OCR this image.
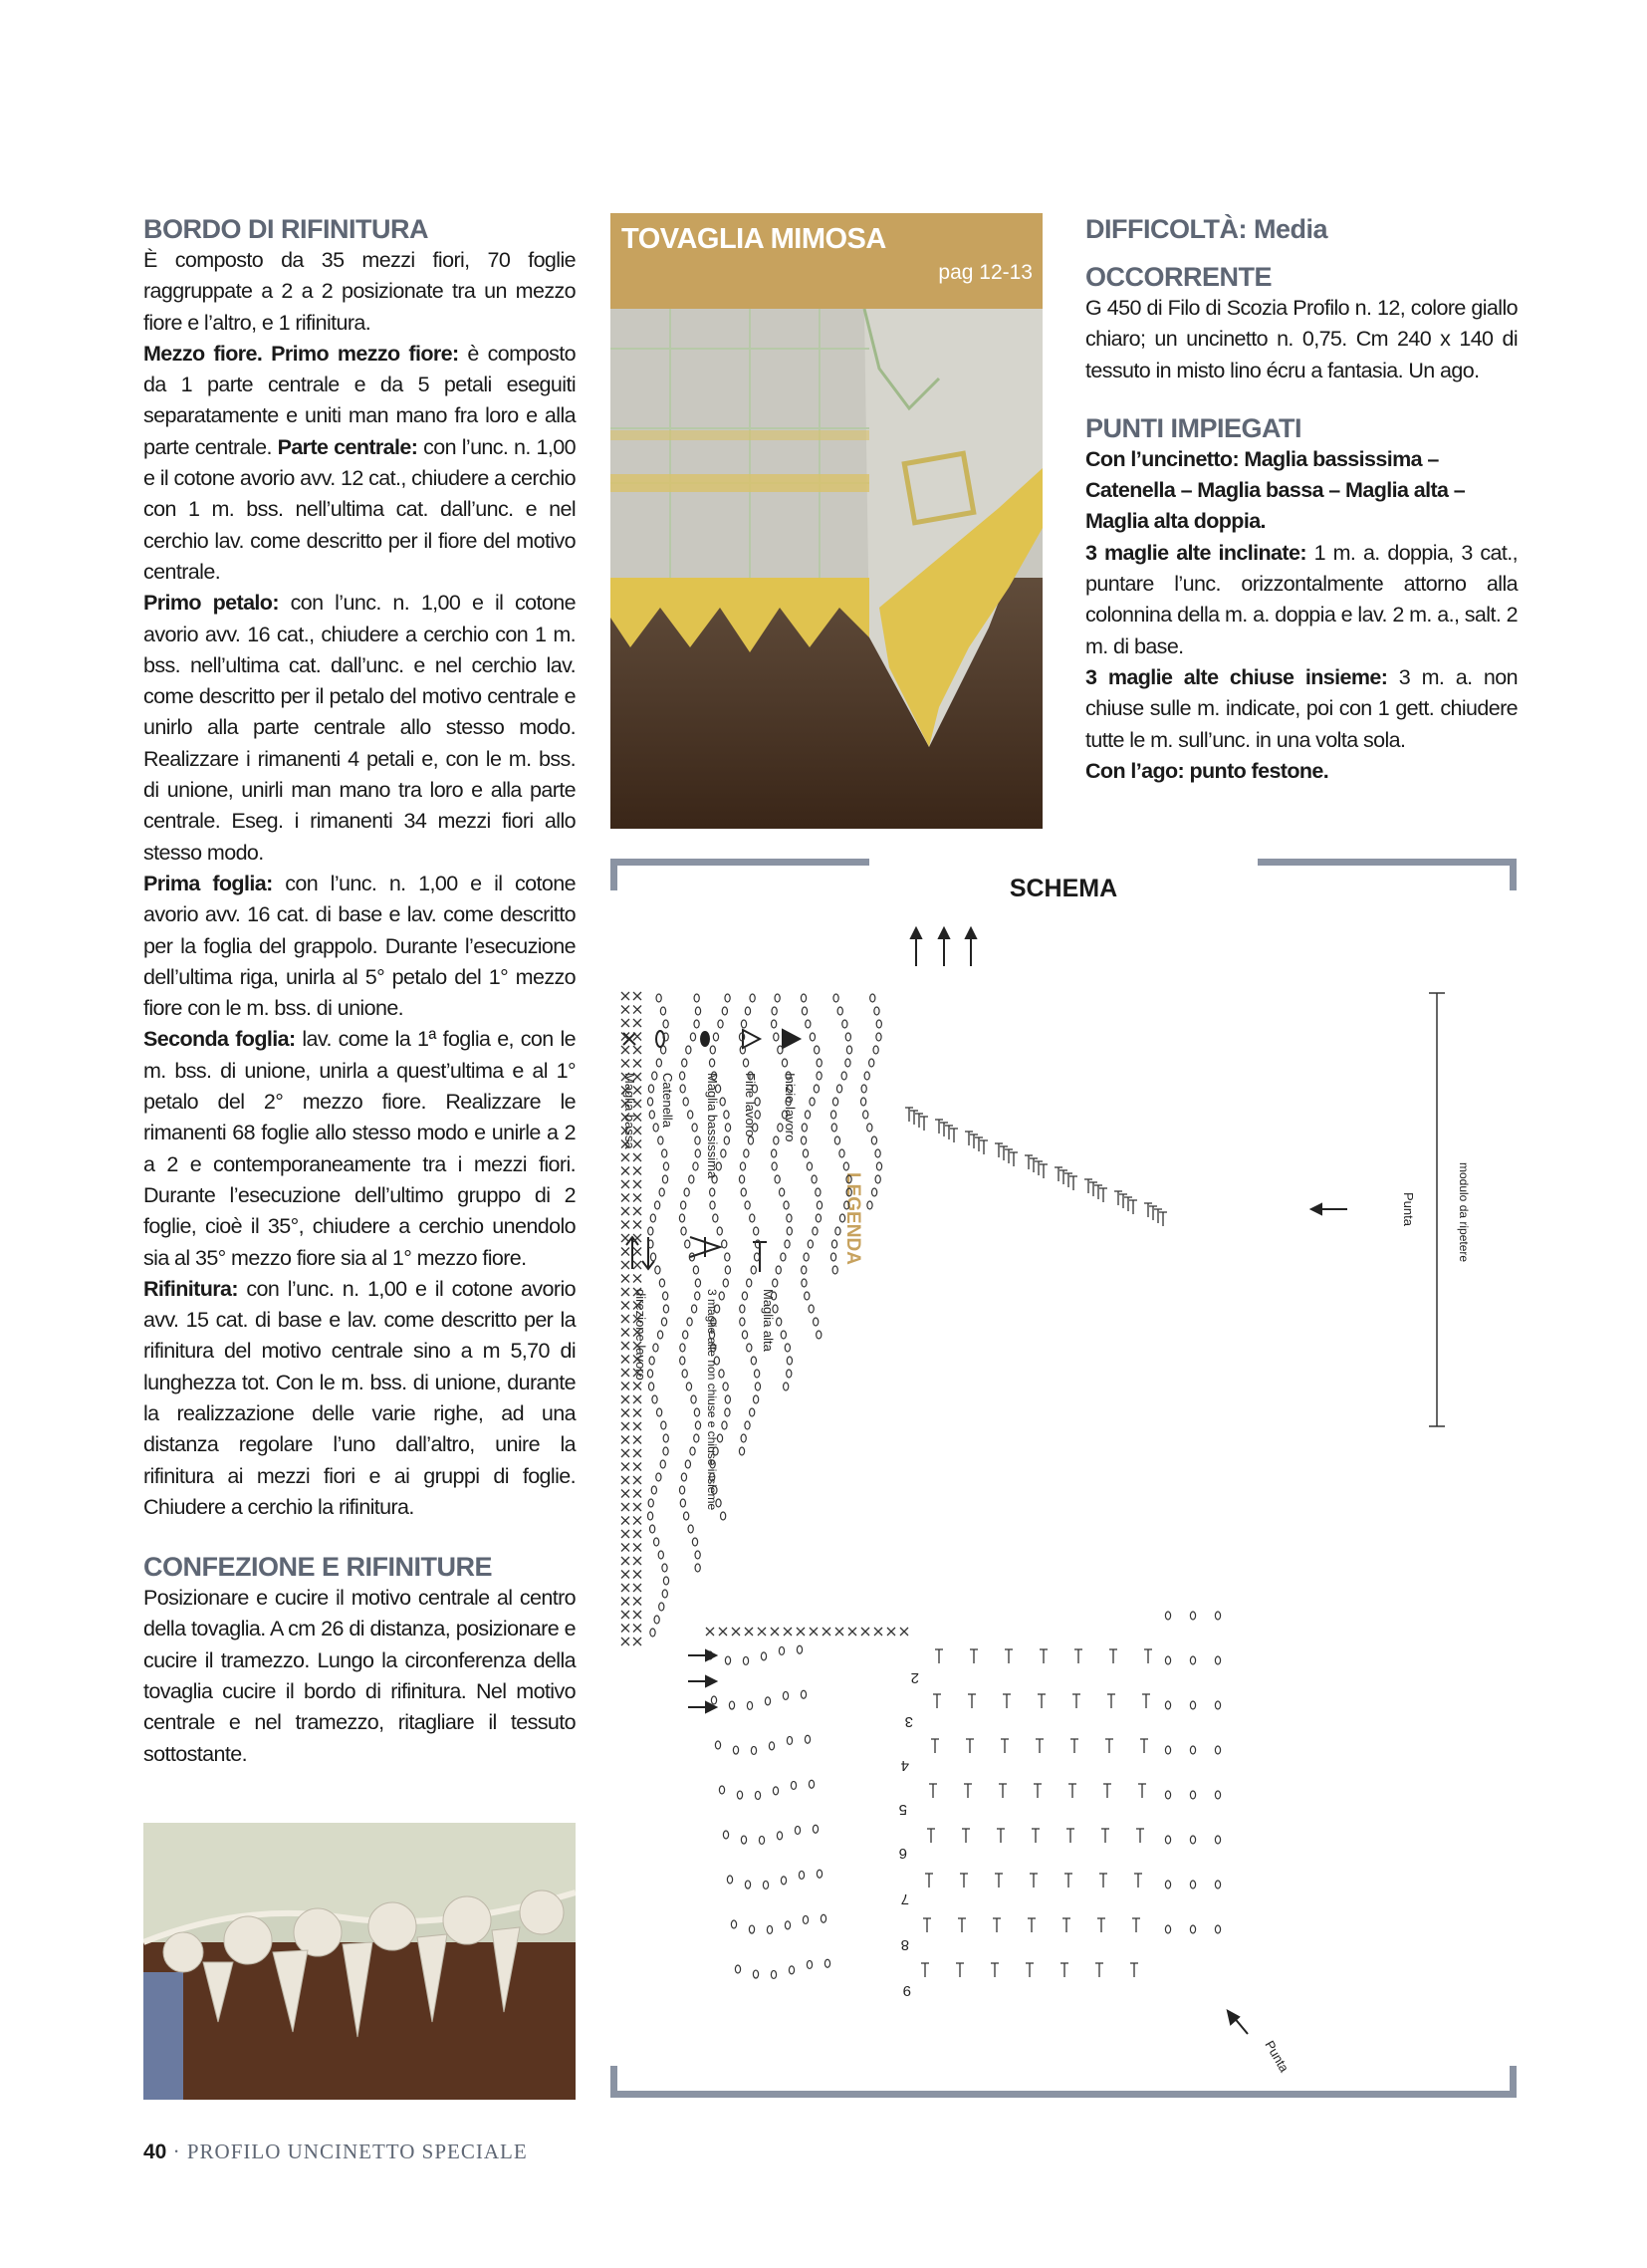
BORDO DI RIFINITURA

È composto da 35 mezzi fiori, 70 foglie raggruppate a 2 a 2 posizionate tra un mezzo fiore e l’altro, e 1 rifinitura.

Mezzo fiore. Primo mezzo fiore: è composto da 1 parte centrale e da 5 petali eseguiti separatamente e uniti man mano fra loro e alla parte centrale. Parte centrale: con l’unc. n. 1,00 e il cotone avorio avv. 12 cat., chiudere a cerchio con 1 m. bss. nell’ultima cat. dall’unc. e nel cerchio lav. come descritto per il fiore del motivo centrale.

Primo petalo: con l’unc. n. 1,00 e il cotone avorio avv. 16 cat., chiudere a cerchio con 1 m. bss. nell’ultima cat. dall’unc. e nel cerchio lav. come descritto per il petalo del motivo centrale e unirlo alla parte centrale allo stesso modo. Realizzare i rimanenti 4 petali e, con le m. bss. di unione, unirli man mano tra loro e alla parte centrale. Eseg. i rimanenti 34 mezzi fiori allo stesso modo.

Prima foglia: con l’unc. n. 1,00 e il cotone avorio avv. 16 cat. di base e lav. come descritto per la foglia del grappolo. Durante l’esecuzione dell’ultima riga, unirla al 5° petalo del 1° mezzo fiore con le m. bss. di unione.

Seconda foglia: lav. come la 1ª foglia e, con le m. bss. di unione, unirla a quest’ultima e al 1° petalo del 2° mezzo fiore. Realizzare le rimanenti 68 foglie allo stesso modo e unirle a 2 a 2 e contemporaneamente tra i mezzi fiori. Durante l’esecuzione dell’ultimo gruppo di 2 foglie, cioè il 35°, chiudere a cerchio unendolo sia al 35° mezzo fiore sia al 1° mezzo fiore.

Rifinitura: con l’unc. n. 1,00 e il cotone avorio avv. 15 cat. di base e lav. come descritto per la rifinitura del motivo centrale sino a m 5,70 di lunghezza tot. Con le m. bss. di unione, durante la realizzazione delle varie righe, ad una distanza regolare l’uno dall’altro, unire la rifinitura ai mezzi fiori e ai gruppi di foglie. Chiudere a cerchio la rifinitura.

CONFEZIONE E RIFINITURE

Posizionare e cucire il motivo centrale al centro della tovaglia. A cm 26 di distanza, posizionare e cucire il tramezzo. Lungo la circonferenza della tovaglia cucire il bordo di rifinitura. Nel motivo centrale e nel tramezzo, ritagliare il tessuto sottostante.

TOVAGLIA MIMOSA
pag 12-13
DIFFICOLTÀ: Media
OCCORRENTE

G 450 di Filo di Scozia Profilo n. 12, colore giallo chiaro; un uncinetto n. 0,75. Cm 240 x 140 di tessuto in misto lino écru a fantasia. Un ago.

PUNTI IMPIEGATI

Con l’uncinetto: Maglia bassissima – Catenella – Maglia bassa – Maglia alta – Maglia alta doppia.

3 maglie alte inclinate: 1 m. a. doppia, 3 cat., puntare l’unc. orizzontalmente attorno alla colonnina della m. a. doppia e lav. 2 m. a., salt. 2 m. di base.

3 maglie alte chiuse insieme: 3 m. a. non chiuse sulle m. indicate, poi con 1 gett. chiudere tutte le m. sull’unc. in una volta sola.

Con l’ago: punto festone.

SCHEMA
Inizio lavoro
Fine lavoro
Maglia bassissima
Catenella
Maglia bassa
Maglia alta
3 maglie alte non chiuse e chiuse insieme
direzione lavoro
LEGENDA	modulo da ripetere
Punta
Punta
2
3
4
5
6
7
8
9
40 · PROFILO UNCINETTO SPECIALE
